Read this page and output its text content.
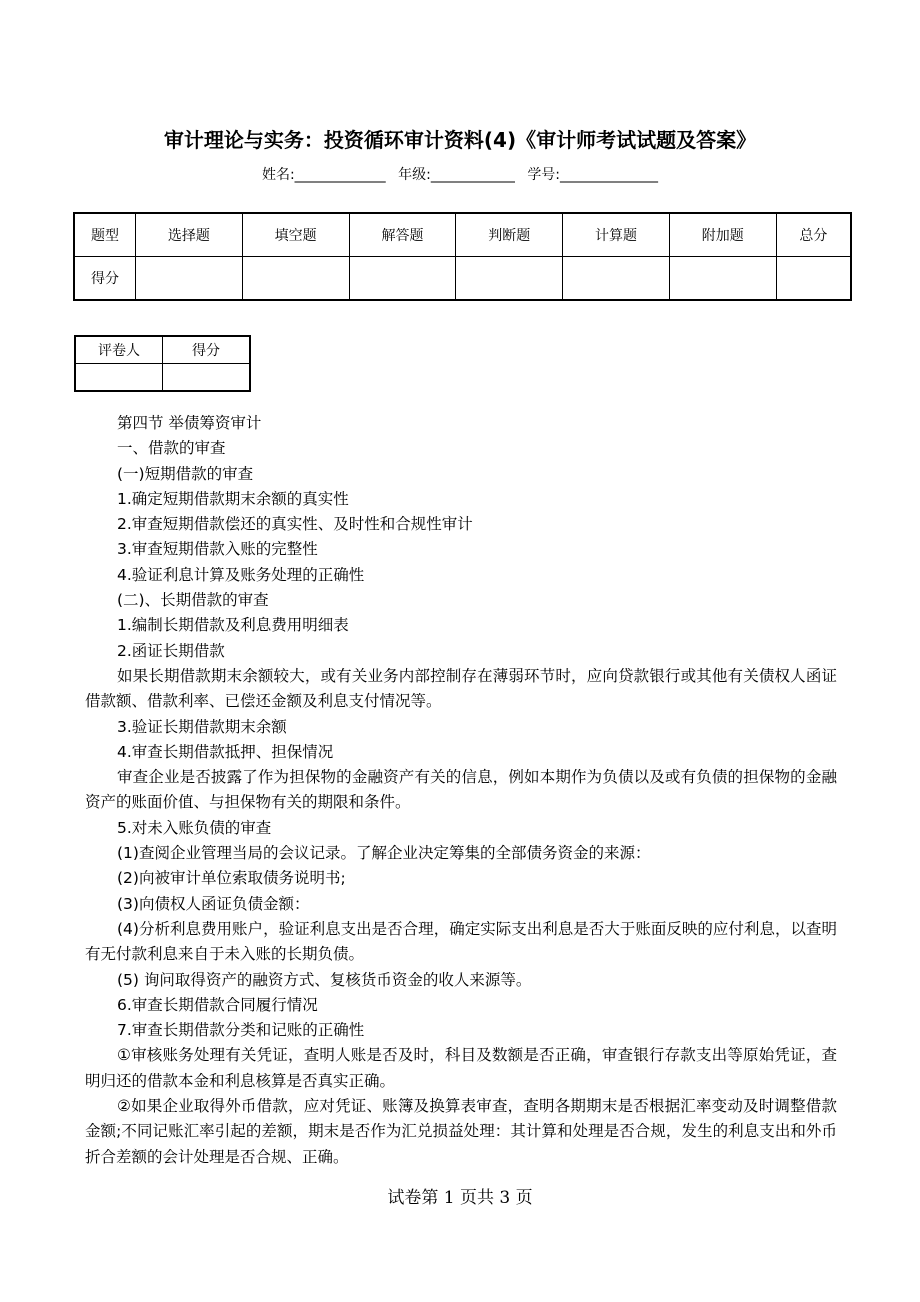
审计理论与实务：投资循环审计资料(4)《审计师考试试题及答案》
姓名:_____________ 年级:____________ 学号:______________
题型	选择题	填空题	解答题	判断题	计算题	附加题	总分
得分							
评卷人	得分

第四节 举债筹资审计

一、借款的审查

(一)短期借款的审查

1.确定短期借款期末余额的真实性

2.审查短期借款偿还的真实性、及时性和合规性审计

3.审查短期借款入账的完整性

4.验证利息计算及账务处理的正确性

(二)、长期借款的审查

1.编制长期借款及利息费用明细表

2.函证长期借款

如果长期借款期末余额较大，或有关业务内部控制存在薄弱环节时，应向贷款银行或其他有关债权人函证借款额、借款利率、已偿还金额及利息支付情况等。

3.验证长期借款期末余额

4.审查长期借款抵押、担保情况

审查企业是否披露了作为担保物的金融资产有关的信息，例如本期作为负债以及或有负债的担保物的金融资产的账面价值、与担保物有关的期限和条件。

5.对未入账负债的审查

(1)查阅企业管理当局的会议记录。了解企业决定筹集的全部债务资金的来源：

(2)向被审计单位索取债务说明书;

(3)向债权人函证负债金额：

(4)分析利息费用账户，验证利息支出是否合理，确定实际支出利息是否大于账面反映的应付利息，以查明有无付款利息来自于未入账的长期负债。

(5) 询问取得资产的融资方式、复核货币资金的收人来源等。

6.审查长期借款合同履行情况

7.审查长期借款分类和记账的正确性

①审核账务处理有关凭证，查明人账是否及时，科目及数额是否正确，审查银行存款支出等原始凭证，查明归还的借款本金和利息核算是否真实正确。

②如果企业取得外币借款，应对凭证、账簿及换算表审查，查明各期期末是否根据汇率变动及时调整借款金额;不同记账汇率引起的差额，期末是否作为汇兑损益处理：其计算和处理是否合规，发生的利息支出和外币折合差额的会计处理是否合规、正确。

试卷第 1 页共 3 页
